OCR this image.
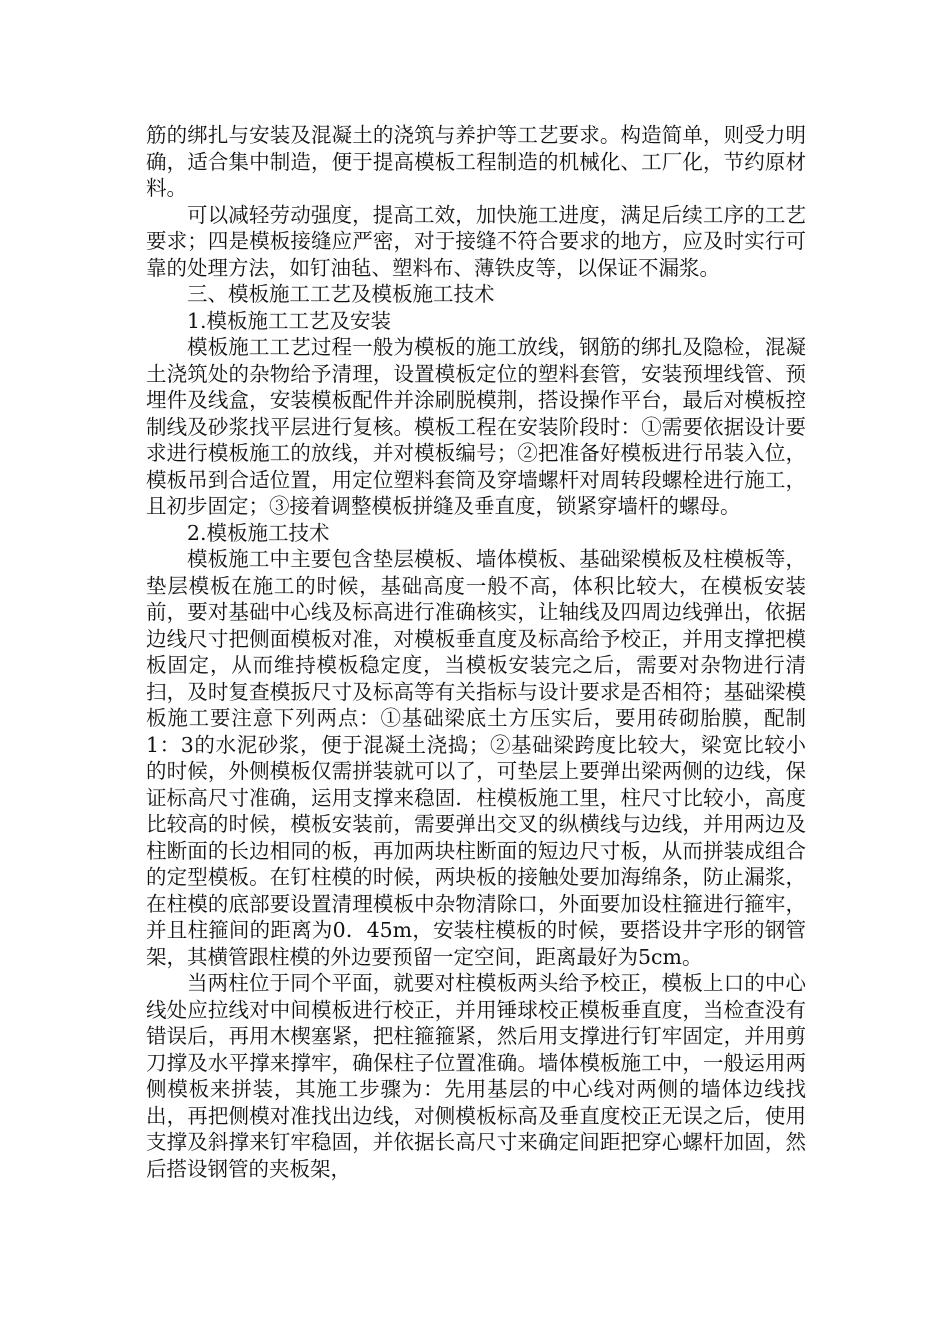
筋的绑扎与安装及混凝土的浇筑与养护等工艺要求。构造简单，则受力明确，适合集中制造，便于提高模板工程制造的机械化、工厂化，节约原材料。

可以减轻劳动强度，提高工效，加快施工进度，满足后续工序的工艺要求；四是模板接缝应严密，对于接缝不符合要求的地方，应及时实行可靠的处理方法，如钉油毡、塑料布、薄铁皮等，以保证不漏浆。

三、模板施工工艺及模板施工技术

1.模板施工工艺及安装

模板施工工艺过程一般为模板的施工放线，钢筋的绑扎及隐检，混凝土浇筑处的杂物给予清理，设置模板定位的塑料套管，安装预埋线管、预埋件及线盒，安装模板配件并涂刷脱模荆，搭设操作平台，最后对模板控制线及砂浆找平层进行复核。模板工程在安装阶段时：①需要依据设计要求进行模板施工的放线，并对模板编号；②把准备好模板进行吊装入位，模板吊到合适位置，用定位塑料套筒及穿墙螺杆对周转段螺栓进行施工，且初步固定；③接着调整模板拼缝及垂直度，锁紧穿墙杆的螺母。

2.模板施工技术

模板施工中主要包含垫层模板、墙体模板、基础梁模板及柱模板等，垫层模板在施工的时候，基础高度一般不高，体积比较大，在模板安装前，要对基础中心线及标高进行准确核实，让轴线及四周边线弹出，依据边线尺寸把侧面模板对准，对模板垂直度及标高给予校正，并用支撑把模板固定，从而维持模板稳定度，当模板安装完之后，需要对杂物进行清扫，及时复查模扳尺寸及标高等有关指标与设计要求是否相符；基础梁模板施工要注意下列两点：①基础梁底土方压实后，要用砖砌胎膜，配制1：3的水泥砂浆，便于混凝土浇捣；②基础梁跨度比较大，梁宽比较小的时候，外侧模板仅需拼装就可以了，可垫层上要弹出梁两侧的边线，保证标高尺寸准确，运用支撑来稳固．柱模板施工里，柱尺寸比较小，高度比较高的时候，模板安装前，需要弹出交叉的纵横线与边线，并用两边及柱断面的长边相同的板，再加两块柱断面的短边尺寸板，从而拼装成组合的定型模板。在钉柱模的时候，两块板的接触处要加海绵条，防止漏浆，在柱模的底部要设置清理模板中杂物清除口，外面要加设柱箍进行箍牢，并且柱箍间的距离为0．45m，安装柱模板的时候，要搭设井字形的钢管架，其横管跟柱模的外边要预留一定空间，距离最好为5cm。

当两柱位于同个平面，就要对柱模板两头给予校正，模板上口的中心线处应拉线对中间模板进行校正，并用锤球校正模板垂直度，当检查没有错误后，再用木楔塞紧，把柱箍箍紧，然后用支撑进行钉牢固定，并用剪刀撑及水平撑来撑牢，确保柱子位置准确。墙体模板施工中，一般运用两侧模板来拼装，其施工步骤为：先用基层的中心线对两侧的墙体边线找出，再把侧模对准找出边线，对侧模板标高及垂直度校正无误之后，使用支撑及斜撑来钉牢稳固，并依据长高尺寸来确定间距把穿心螺杆加固，然后搭设钢管的夹板架，
